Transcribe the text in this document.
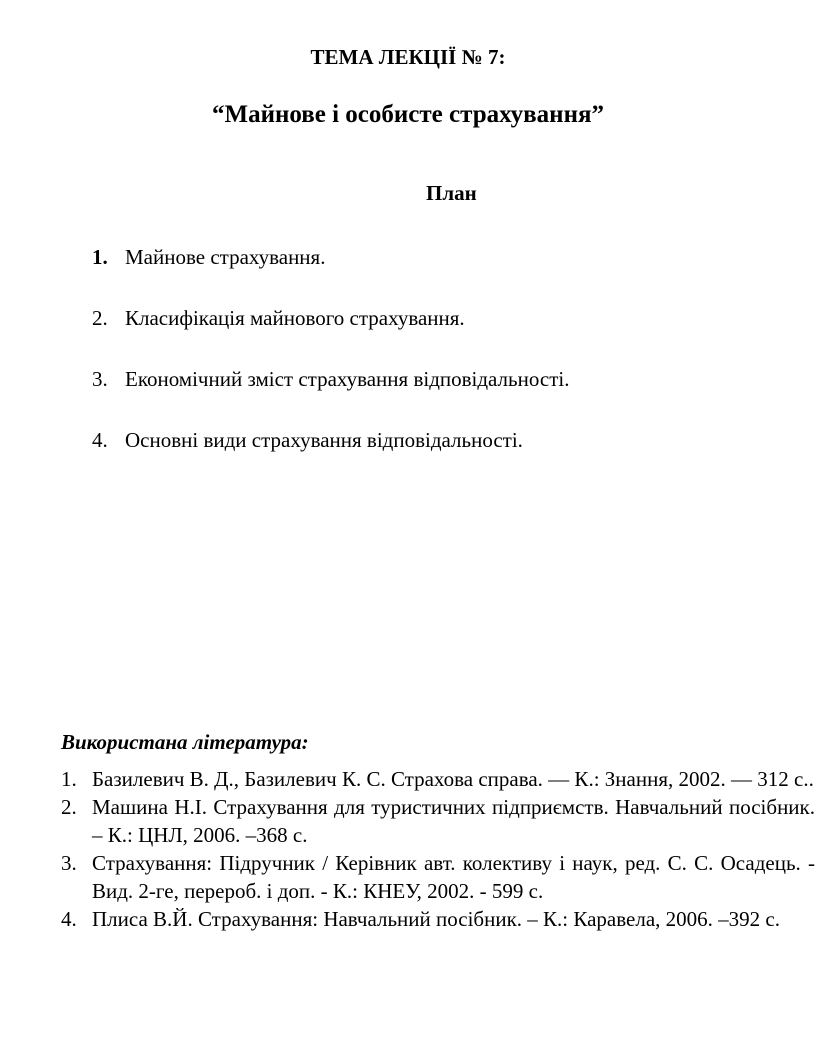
ТЕМА ЛЕКЦІЇ № 7:
“Майнове і особисте страхування”
План
1. Майнове страхування.
2. Класифікація майнового страхування.
3. Економічний зміст страхування відповідальності.
4. Основні види страхування відповідальності.
Використана література:
1. Базилевич В. Д., Базилевич К. С. Страхова справа. — К.: Знання, 2002. — 312 с..
2. Машина Н.І. Страхування для туристичних підприємств. Навчальний посібник. – К.: ЦНЛ, 2006. –368 с.
3. Страхування: Підручник / Керівник авт. колективу і наук, ред. С. С. Осадець. - Вид. 2-ге, перероб. і доп. - К.: КНЕУ, 2002. - 599 с.
4. Плиса В.Й. Страхування: Навчальний посібник. – К.: Каравела, 2006. –392 с.
